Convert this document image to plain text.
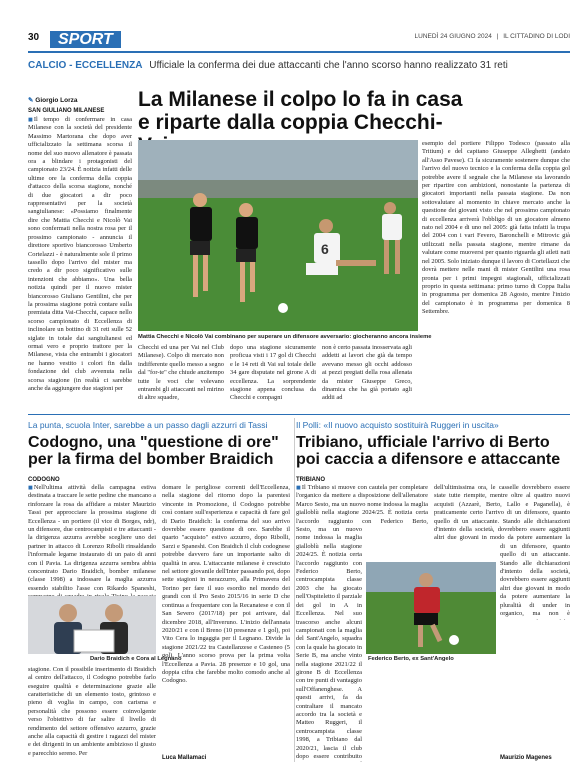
30	SPORT	LUNEDÌ 24 GIUGNO 2024 | IL CITTADINO DI LODI
CALCIO - ECCELLENZA Ufficiale la conferma dei due attaccanti che l'anno scorso hanno realizzato 31 reti
✎ Giorgio Lorza
SAN GIULIANO MILANESE
■ Il tempo di confermare in casa Milanese con la società del presidente Massimo Martorana che dopo aver ufficializzato la settimana scorsa il nome del suo nuovo allenatore è passata ora a blindare i protagonisti del campionato 23/24. È notizia infatti delle ultime ore la conferma della coppia d'attacco della scorsa stagione, nonché di due giocatori a dir poco rappresentativi per la società sangiulianese: «Possiamo finalmente dire che Mattia Checchi e Nicolò Vai sono confermati nella nostra rosa per il prossimo campionato - annuncia il direttore sportivo biancorosso Umberto Cortelazzi - è naturalmente sole il primo tassello dopo l'arrivo del mister ma credo a dir poco significativo sulle intenzioni che abbiamo». Una bella notizia quindi per il nuovo mister biancorosso Giuliano Gentilini, che per la prossima stagione potrà contare sulla premiata ditta Vai-Checchi, capace nello scorso campionato di Eccellenza di inclinolare un bottino di 31 reti sulle 52 siglate in totale dai sangiulianesi ed ormai vero e proprio trattore per la Milanese, vista che entrambi i giocatori ne hanno vestito i colori fin dalla fondazione del club avvenuta nella scorsa stagione (in realtà ci sarebbe anche da aggiungere due stagioni per
La Milanese il colpo lo fa in casa e riparte dalla coppia Checchi-
6
Mattia Checchi e Nicolò Vai combinano per superare un difensore avversario: giocheranno ancora insieme
Checchi ed una per Vai nel Club Milanese). Colpo di mercato non indifferente quello messo a segno dal "for-te" che chiude anzitempo tutte le voci che volevano entrambi gli attaccanti nel mirino di altre squadre,
dopo una stagione sicuramente proficua visti i 17 gol di Checchi e le 14 reti di Vai sul totale delle 34 gare disputate nel girone A di eccellenza. La sorprendente stagione appena conclusa da Checchi e compagni
non è certo passata inosservata agli addetti ai lavori che già da tempo avevano messo gli occhi addosso ai pezzi pregiati della rosa allenata da mister Giuseppe Greco, dinamica che ha già portato agli addii ad
esempio del portiere Filippo Todesco (passato alla Tritium) e del capitano Giuseppe Alleghetti (andato all'Asso Pavese). Ci fa sicuramente sostenere dunque che l'arrivo del nuovo tecnico e la conferma della coppia gol potrebbe avere il segnale che la Milanese sta lavorando per ripartire con ambizioni, nonostante la partenza di giocatori importanti nella passata stagione. Da non sottovalutare al momento in chiave mercato anche la questione dei giovani visto che nel prossimo campionato di eccellenza arriverà l'obbligo di un giocatore almeno nato nel 2004 e di uno nel 2005: già fatta infatti la trupa del 2004 con i vari Fevero, Baronchelli e Mitrovic già utilizzati nella passata stagione, mentre rimane da valutare come muoversi per quanto riguarda gli atleti nati nel 2005. Solo iniziato dunque il lavoro di Cortellazzi che dovrà mettere nelle mani di mister Gentilini una rosa pronta per i primi impegni stagionali, ufficializzati proprio in questa settimana: primo turno di Coppa Italia in programma per domenica 28 Agosto, mentre l'inizio del campionato è in programma per domenica 8 Settembre.
La punta, scuola Inter, sarebbe a un passo dagli azzurri di Tassi
Codogno, una "questione di ore" per la firma del bomber Braidich
CODOGNO
■ Nell'ultima attività della campagna estiva destinata a traccare le sette pedine che mancano a rinforzare la rosa da affidare a mister Maurizio Tassi per approcciare la prossima stagione di Eccellenza - un portiere (il vice di Borges, ndr), un difensore, due centrocampisti e tre attaccanti - la dirigenza azzurra avrebbe scegliere uno dei partner in attacco di Lorenzo Ribolli rinsaldando l'informale legame instaurato di un paio di anni con il Pavia. La dirigenza azzurra sembra abbia concentrato Dario Braidich, bomber milanese (classe 1998) a indossare la maglia azzurra essendo stabilito l'asse con Rikardo Spaneshi,
Dario Braidich e Cora al Legnano
stagione. Con il possibile inserimento di Braidich al centro dell'attacco, il Codogno potrebbe farlo eseguire qualità e determinazione grazie alle caratteristiche di un elemento tosto, grintoso e pieno di voglia in campo, con carisma e personalità che possono essere coinvolgente verso l'obiettivo di far salire il livello di rendimento del settore offensivo azzurro, grazie anche alla capacità di gestire i ragazzi del mister e dei dirigenti in un ambiente ambizioso il giusto e parecchio sereno. Per
domare le perigliose correnti dell'Eccellenza, nella stagione del ritorno dopo la parentesi vincente in Promozione, il Codogno potrebbe così contare sull'esperienza e capacità di fare gol di Dario Braidich: la conferma del suo arrivo dovrebbe essere questione di ore. Sarebbe il quarto "acquisto" estivo azzurro, dopo Ribolli, Sarzi e Spaneshi. Con Braidich il club codognese potrebbe davvero fare un importante salto di qualità in area. L'attaccante milanese è cresciuto nel settore giovanile dell'Inter passando poi, dopo sette stagioni in nerazzurro, alla Primavera del Torino per fare il suo esordio nel mondo dei grandi con il Pro Sesto 2015/16 in serie D che continua a frequentare con la Recanatese e con il San Severo (2017/18) per poi arrivare, dal dicembre 2018, all'Inveruno. L'inizio dell'annata 2020/21 e con il Breno (10 presenze e 1 gol), poi Vito Cera lo ingaggia per il Legnano. Divide la stagione 2021/22 tra Castellanzese e Casteneo (5 gol). L'anno scorso prova per la prima volta l'Eccellenza a Pavia. 28 presenze e 10 gol, una doppia cifra che farebbe molto comodo anche al Codogno.
Luca Mallamaci
Il Polli: «Il nuovo acquisto sostituirà Ruggeri in uscita»
Tribiano, ufficiale l'arrivo di Berto poi caccia a difensore e attaccante
TRIBIANO
■ Il Tribiano si muove con cautela per completare l'organico da mettere a disposizione dell'allenatore Marco Sesto, ma un nuovo nome indossa la maglia gialloblù nella stagione 2024/25. È notizia certa l'accordo raggiunto con Federico Berto,
Sesto, ma un nuovo nome indossa la maglia gialloblù nella stagione 2024/25. È notizia certa l'accordo raggiunto con Federico Berto, centrocampista classe 2003 che ha giocato nell'Ospiteletto il parziale dei gol in A in Eccellenza. Nel suo trascorso anche alcuni campionati con la maglia del Sant'Angelo, squadra con la quale ha giocato in Serie B, ma anche vinto nella stagione 2021/22 il girone B di Eccellenza con tre punti di vantaggio sull'Offanenghese. A questi arrivi, fa da contraltare il mancato accordo tra la società e Matteo Ruggeri, il centrocampista classe 1998, a Tribiano dal 2020/21, lascia il club dopo essere contribuito
dell'ultimissima ora, le casselle dovrebbero essere state tutte riempite, mentre oltre al quattro nuovi acquisti (Azzarè, Berto, Lallo e Paganella), è praticamente certo l'arrivo di un difensore, quanto quello di un attaccante. Stando alle dichiarazioni d'intento della società, dovrebbero essere aggiunti altri due giovani in modo da potere aumentare la
di un difensore, quanto quello di un attaccante. Stando alle dichiarazioni d'intento della società, dovrebbero essere aggiunti altri due giovani in modo da potere aumentare la pluralità di under in organico, ma non è
Federico Berto, ex Sant'Angelo
Maurizio Magenes
